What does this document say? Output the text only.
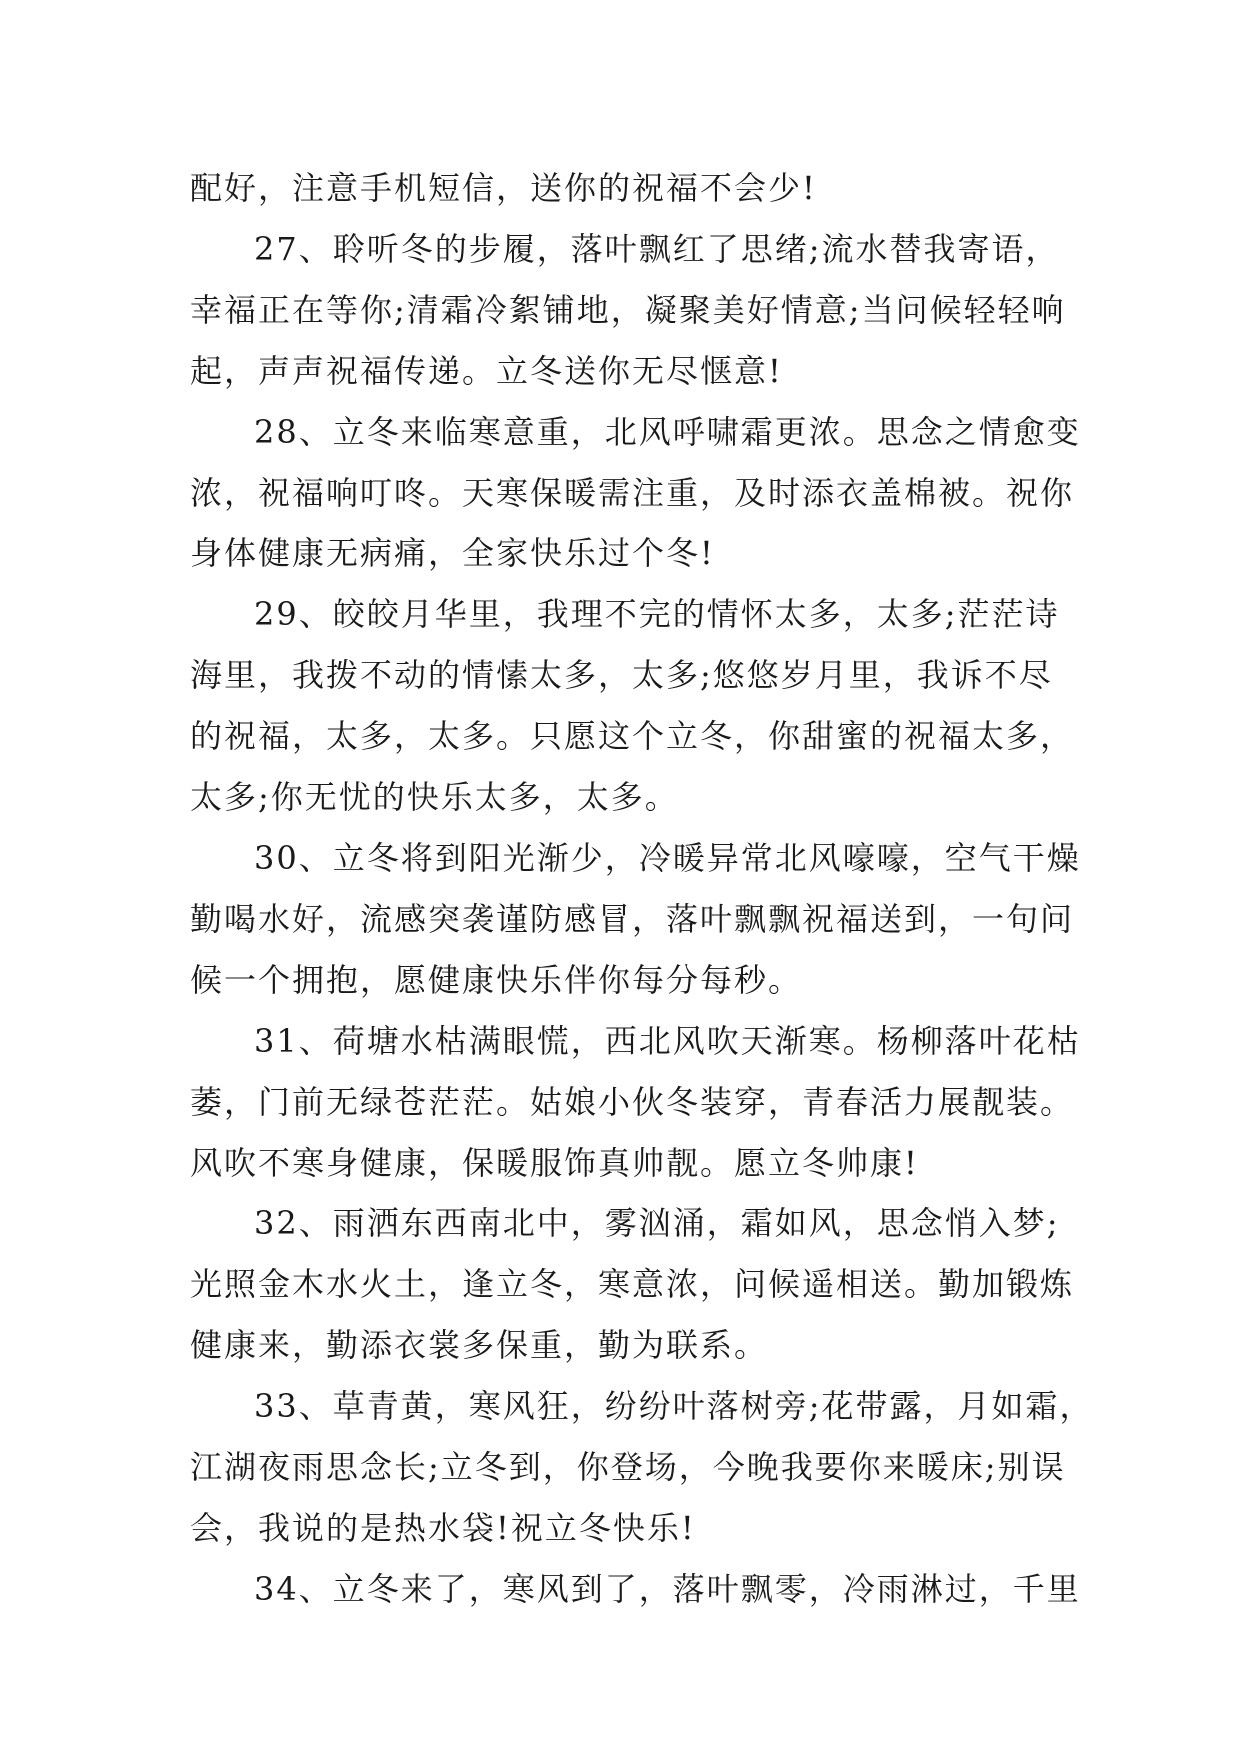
配好，注意手机短信，送你的祝福不会少!
27、聆听冬的步履，落叶飘红了思绪;流水替我寄语，
幸福正在等你;清霜冷絮铺地，凝聚美好情意;当问候轻轻响
起，声声祝福传递。立冬送你无尽惬意!
28、立冬来临寒意重，北风呼啸霜更浓。思念之情愈变
浓，祝福响叮咚。天寒保暖需注重，及时添衣盖棉被。祝你
身体健康无病痛，全家快乐过个冬!
29、皎皎月华里，我理不完的情怀太多，太多;茫茫诗
海里，我拨不动的情愫太多，太多;悠悠岁月里，我诉不尽
的祝福，太多，太多。只愿这个立冬，你甜蜜的祝福太多，
太多;你无忧的快乐太多，太多。
30、立冬将到阳光渐少，冷暖异常北风嚎嚎，空气干燥
勤喝水好，流感突袭谨防感冒，落叶飘飘祝福送到，一句问
候一个拥抱，愿健康快乐伴你每分每秒。
31、荷塘水枯满眼慌，西北风吹天渐寒。杨柳落叶花枯
萎，门前无绿苍茫茫。姑娘小伙冬装穿，青春活力展靓装。
风吹不寒身健康，保暖服饰真帅靓。愿立冬帅康!
32、雨洒东西南北中，雾汹涌，霜如风，思念悄入梦;
光照金木水火土，逢立冬，寒意浓，问候遥相送。勤加锻炼
健康来，勤添衣裳多保重，勤为联系。
33、草青黄，寒风狂，纷纷叶落树旁;花带露，月如霜，
江湖夜雨思念长;立冬到，你登场，今晚我要你来暖床;别误
会，我说的是热水袋!祝立冬快乐!
34、立冬来了，寒风到了，落叶飘零，冷雨淋过，千里
